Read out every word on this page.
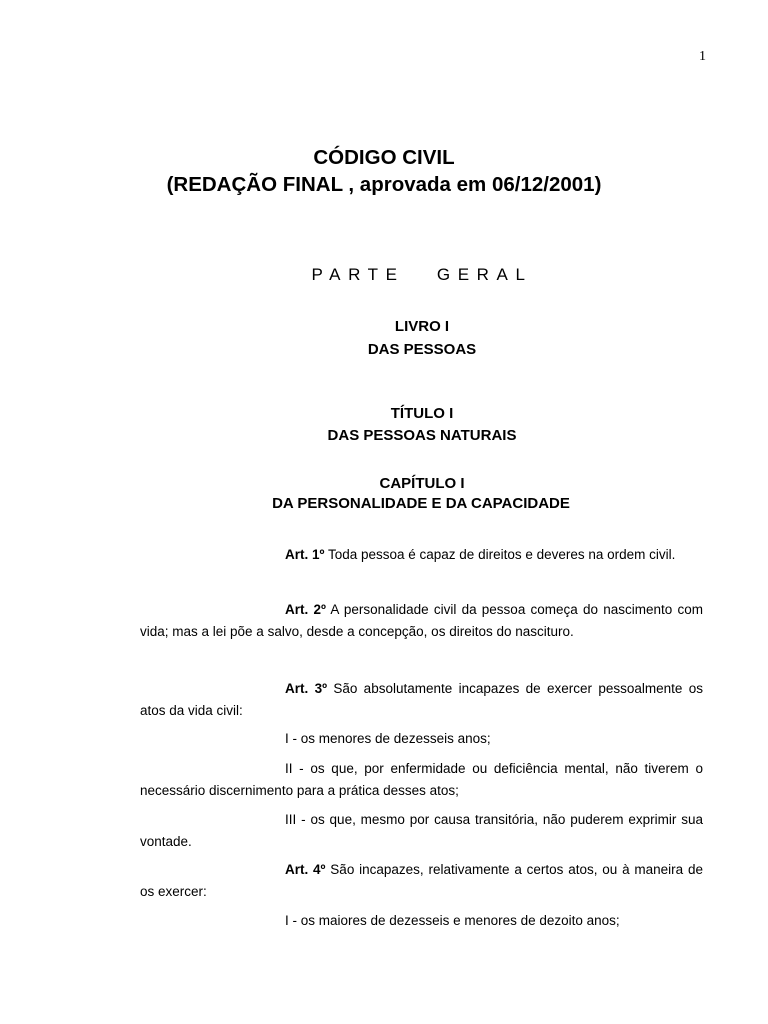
1
CÓDIGO CIVIL
(REDAÇÃO FINAL , aprovada em 06/12/2001)
PARTE GERAL
LIVRO I
DAS PESSOAS
TÍTULO I
DAS PESSOAS NATURAIS
CAPÍTULO I
DA PERSONALIDADE E DA CAPACIDADE
Art. 1º Toda pessoa é capaz de direitos e deveres na ordem civil.
Art. 2º A personalidade civil da pessoa começa do nascimento com vida; mas a lei põe a salvo, desde a concepção, os direitos do nascituro.
Art. 3º São absolutamente incapazes de exercer pessoalmente os atos da vida civil:
I - os menores de dezesseis anos;
II - os que, por enfermidade ou deficiência mental, não tiverem o necessário discernimento para a prática desses atos;
III - os que, mesmo por causa transitória, não puderem exprimir sua vontade.
Art. 4º São incapazes, relativamente a certos atos, ou à maneira de os exercer:
I - os maiores de dezesseis e menores de dezoito anos;
